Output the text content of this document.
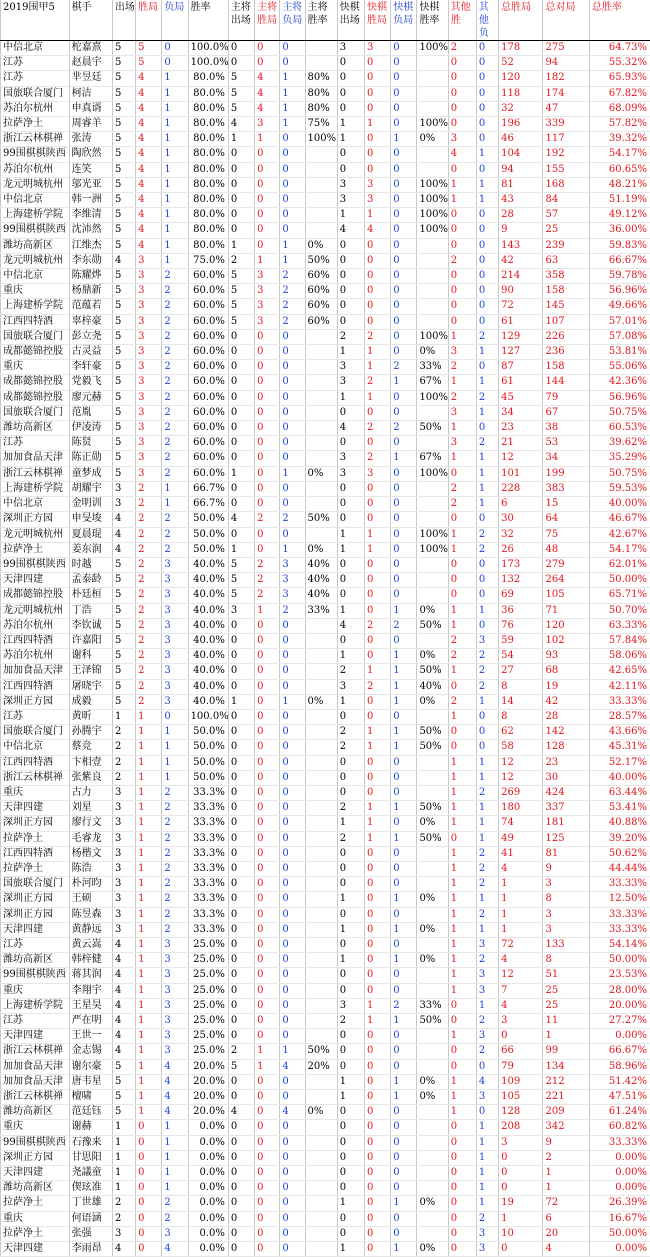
2019围甲5	棋手	出场	胜局	负局	胜率	主将出场	主将胜局	主将负局	主将胜率	快棋出场	快棋胜局	快棋负局	快棋胜率	其他胜	其他负	总胜局	总对局	总胜率
中信北京	柁嘉熹	5	5	0	100.0%	0	0	0		3	3	0	100%	2	0	178	275	64.73%
江苏	赵晨宇	5	5	0	100.0%	0	0	0		0	0	0		0	0	52	94	55.32%
江苏	芈昱廷	5	4	1	80.0%	5	4	1	80%	0	0	0		0	0	120	182	65.93%
国旅联合厦门	柯洁	5	4	1	80.0%	5	4	1	80%	0	0	0		0	0	118	174	67.82%
苏泊尔杭州	申真谞	5	4	1	80.0%	5	4	1	80%	0	0	0		0	0	32	47	68.09%
拉萨净土	周睿羊	5	4	1	80.0%	4	3	1	75%	1	1	0	100%	0	0	196	339	57.82%
浙江云林棋禅	张涛	5	4	1	80.0%	1	1	0	100%	1	0	1	0%	3	0	46	117	39.32%
99围棋棋陕西	陶欣然	5	4	1	80.0%	0	0	0		0	0	0		4	1	104	192	54.17%
苏泊尔杭州	连笑	5	4	1	80.0%	0	0	0		0	0	0		0	0	94	155	60.65%
龙元明城杭州	邬光亚	5	4	1	80.0%	0	0	0		3	3	0	100%	1	1	81	168	48.21%
中信北京	韩一洲	5	4	1	80.0%	0	0	0		3	3	0	100%	1	1	43	84	51.19%
上海建桥学院	李维清	5	4	1	80.0%	0	0	0		1	1	0	100%	0	0	28	57	49.12%
99围棋棋陕西	沈沛然	5	4	1	80.0%	0	0	0		4	4	0	100%	0	0	9	25	36.00%
潍坊高新区	江维杰	5	4	1	80.0%	1	0	1	0%	0	0	0		0	0	143	239	59.83%
龙元明城杭州	李东勋	4	3	1	75.0%	2	1	1	50%	0	0	0		2	0	42	63	66.67%
中信北京	陈耀烨	5	3	2	60.0%	5	3	2	60%	0	0	0		0	0	214	358	59.78%
重庆	杨鼎新	5	3	2	60.0%	5	3	2	60%	0	0	0		0	0	90	158	56.96%
上海建桥学院	范蕴若	5	3	2	60.0%	5	3	2	60%	0	0	0		0	0	72	145	49.66%
江西四特酒	辜梓豪	5	3	2	60.0%	5	3	2	60%	0	0	0		0	0	61	107	57.01%
国旅联合厦门	彭立尧	5	3	2	60.0%	0	0	0		2	2	0	100%	1	2	129	226	57.08%
成都懿锦控股	古灵益	5	3	2	60.0%	0	0	0		1	1	0	0%	3	1	127	236	53.81%
重庆	李轩豪	5	3	2	60.0%	0	0	0		3	1	2	33%	2	0	87	158	55.06%
成都懿锦控股	党毅飞	5	3	2	60.0%	0	0	0		3	2	1	67%	1	1	61	144	42.36%
成都懿锦控股	廖元赫	5	3	2	60.0%	0	0	0		1	1	0	100%	2	2	45	79	56.96%
国旅联合厦门	范胤	5	3	2	60.0%	0	0	0		0	0	0		3	1	34	67	50.75%
潍坊高新区	伊凌涛	5	3	2	60.0%	0	0	0		4	2	2	50%	1	0	23	38	60.53%
江苏	陈贤	5	3	2	60.0%	0	0	0		0	0	0		3	2	21	53	39.62%
加加食品天津	陈正勋	5	3	2	60.0%	0	0	0		3	2	1	67%	1	1	12	34	35.29%
浙江云林棋禅	童梦成	5	3	2	60.0%	1	0	1	0%	3	3	0	100%	0	1	101	199	50.75%
上海建桥学院	胡耀宇	3	2	1	66.7%	0	0	0		0	0	0		2	1	228	383	59.53%
中信北京	金明训	3	2	1	66.7%	0	0	0		0	0	0		2	1	6	15	40.00%
深圳正方园	申旻埈	4	2	2	50.0%	4	2	2	50%	0	0	0		0	0	30	64	46.67%
龙元明城杭州	夏晨琨	4	2	2	50.0%	0	0	0		1	1	0	100%	1	2	32	75	42.67%
拉萨净土	姜东润	4	2	2	50.0%	1	0	1	0%	1	1	0	100%	1	2	26	48	54.17%
99围棋棋陕西	时越	5	2	3	40.0%	5	2	3	40%	0	0	0		0	0	173	279	62.01%
天津四建	孟泰龄	5	2	3	40.0%	5	2	3	40%	0	0	0		0	0	132	264	50.00%
成都懿锦控股	朴廷桓	5	2	3	40.0%	5	2	3	40%	0	0	0		0	0	69	105	65.71%
龙元明城杭州	丁浩	5	2	3	40.0%	3	1	2	33%	1	0	1	0%	1	1	36	71	50.70%
苏泊尔杭州	李钦诚	5	2	3	40.0%	0	0	0		4	2	2	50%	1	0	76	120	63.33%
江西四特酒	许嘉阳	5	2	3	40.0%	0	0	0		0	0	0		2	3	59	102	57.84%
苏泊尔杭州	谢科	5	2	3	40.0%	0	0	0		1	0	1	0%	2	2	54	93	58.06%
加加食品天津	王泽锦	5	2	3	40.0%	0	0	0		2	1	1	50%	1	2	27	68	42.65%
江西四特酒	屠晓宇	5	2	3	40.0%	0	0	0		3	2	1	40%	0	2	8	19	42.11%
深圳正方园	成毅	5	2	3	40.0%	1	0	1	0%	1	0	1	0%	2	1	14	42	33.33%
江苏	黄昕	1	1	0	100.0%	0	0	0		0	0	0		1	0	8	28	28.57%
国旅联合厦门	孙腾宇	2	1	1	50.0%	0	0	0		2	1	1	50%	0	0	62	142	43.66%
中信北京	蔡竞	2	1	1	50.0%	0	0	0		2	1	1	50%	0	0	58	128	45.31%
江西四特酒	卞相壹	2	1	1	50.0%	0	0	0		0	0	0		1	1	12	23	52.17%
浙江云林棋禅	张紫良	2	1	1	50.0%	0	0	0		0	0	0		1	1	12	30	40.00%
重庆	古力	3	1	2	33.3%	0	0	0		0	0	0		1	2	269	424	63.44%
天津四建	刘星	3	1	2	33.3%	0	0	0		2	1	1	50%	1	1	180	337	53.41%
深圳正方园	廖行文	3	1	2	33.3%	0	0	0		1	1	0	0%	1	1	74	181	40.88%
拉萨净土	毛睿龙	3	1	2	33.3%	0	0	0		2	1	1	50%	0	1	49	125	39.20%
江西四特酒	杨楷文	3	1	2	33.3%	0	0	0		0	0	0		1	2	41	81	50.62%
拉萨净土	陈浩	3	1	2	33.3%	0	0	0		0	0	0		1	2	4	9	44.44%
国旅联合厦门	朴河昀	3	1	2	33.3%	0	0	0		0	0	0		1	2	1	3	33.33%
深圳正方园	王硕	3	1	2	33.3%	0	0	0		1	0	1	0%	1	1	1	8	12.50%
深圳正方园	陈昱森	3	1	2	33.3%	0	0	0		0	0	0		1	2	1	3	33.33%
天津四建	黄静远	3	1	2	33.3%	0	0	0		1	0	1	0%	1	1	1	3	33.33%
江苏	黄云嵩	4	1	3	25.0%	0	0	0		0	0	0		1	3	72	133	54.14%
潍坊高新区	韩梓健	4	1	3	25.0%	0	0	0		1	0	1	0%	1	2	4	8	50.00%
99围棋棋陕西	蒋其润	4	1	3	25.0%	0	0	0		0	0	0		1	3	12	51	23.53%
重庆	李翔宇	4	1	3	25.0%	0	0	0		0	0	0		1	3	7	25	28.00%
上海建桥学院	王星昊	4	1	3	25.0%	0	0	0		3	1	2	33%	0	1	4	25	20.00%
江苏	严在明	4	1	3	25.0%	0	0	0		2	1	1	50%	0	2	3	11	27.27%
天津四建	王世一	4	1	3	25.0%	0	0	0		0	0	0		1	3	0	1	0.00%
浙江云林棋禅	金志锡	4	1	3	25.0%	2	1	1	50%	0	0	0		0	2	66	99	66.67%
加加食品天津	谢尔豪	5	1	4	20.0%	5	1	4	20%	0	0	0		0	0	79	134	58.96%
加加食品天津	唐韦星	5	1	4	20.0%	0	0	0		1	0	1	0%	1	4	109	212	51.42%
浙江云林棋禅	檀啸	5	1	4	20.0%	0	0	0		1	0	1	0%	1	3	105	221	47.51%
潍坊高新区	范廷钰	5	1	4	20.0%	4	0	4	0%	0	0	0		1	0	128	209	61.24%
重庆	谢赫	1	0	1	0.0%	0	0	0		0	0	0		0	1	208	342	60.82%
99围棋棋陕西	石豫来	1	0	1	0.0%	0	0	0		0	0	0		0	1	3	9	33.33%
深圳正方园	甘思阳	1	0	1	0.0%	0	0	0		0	0	0		0	1	0	2	0.00%
天津四建	尧議童	1	0	1	0.0%	0	0	0		0	0	0		0	1	0	1	0.00%
潍坊高新区	偰玹准	1	0	1	0.0%	0	0	0		0	0	0		0	1	0	1	0.00%
拉萨净土	丁世雄	2	0	2	0.0%	0	0	0		1	0	1	0%	0	1	19	72	26.39%
重庆	何语涵	2	0	2	0.0%	0	0	0		0	0	0		0	2	1	6	16.67%
拉萨净土	张强	3	0	3	0.0%	0	0	0		0	0	0		0	3	10	20	50.00%
天津四建	李雨昂	4	0	4	0.0%	0	0	0		1	0	1	0%	0	3	0	4	0.00%
